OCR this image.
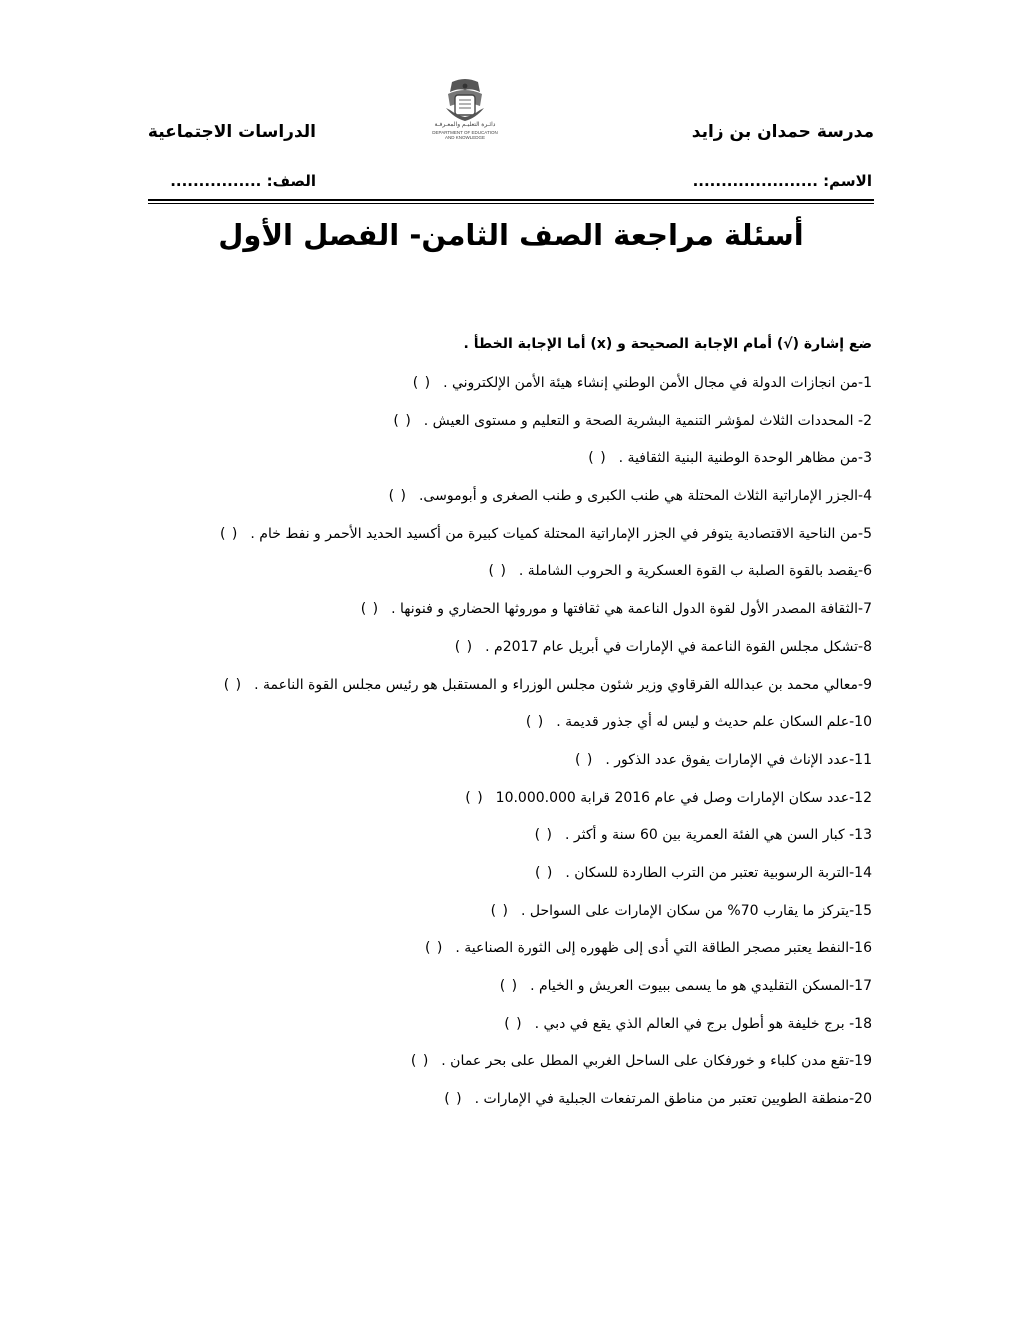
دائـرة التعليـم والمعـرفـة
DEPARTMENT OF EDUCATION
AND KNOWLEDGE	مدرسة حمدان بن زايد
الدراسات الاجتماعية
الاسم: ......................
الصف: ................
أسئلة مراجعة الصف الثامن- الفصل الأول
ضع إشارة (√) أمام الإجابة الصحيحة و (x) أما الإجابة الخطأ .
1-من انجازات الدولة في مجال الأمن الوطني إنشاء هيئة الأمن الإلكتروني .( )
2- المحددات الثلاث لمؤشر التنمية البشرية الصحة و التعليم و مستوى العيش .( )
3-من مظاهر الوحدة الوطنية البنية الثقافية .( )
4-الجزر الإماراتية الثلاث المحتلة هي طنب الكبرى و طنب الصغرى و أبوموسى.( )
5-من الناحية الاقتصادية يتوفر في الجزر الإماراتية المحتلة كميات كبيرة من أكسيد الحديد الأحمر و نفط خام .( )
6-يقصد بالقوة الصلبة ب القوة العسكرية و الحروب الشاملة .( )
7-الثقافة المصدر الأول لقوة الدول الناعمة هي ثقافتها و موروثها الحضاري و فنونها .( )
8-تشكل مجلس القوة الناعمة في الإمارات في أبريل عام 2017م .( )
9-معالي محمد بن عبدالله القرقاوي وزير شئون مجلس الوزراء و المستقبل هو رئيس مجلس القوة الناعمة .( )
10-علم السكان علم حديث و ليس له أي جذور قديمة .( )
11-عدد الإناث في الإمارات يفوق عدد الذكور .( )
12-عدد سكان الإمارات وصل في عام 2016 قرابة 10.000.000( )
13- كبار السن هي الفئة العمرية بين 60 سنة و أكثر .( )
14-التربة الرسوبية تعتبر من الترب الطاردة للسكان .( )
15-يتركز ما يقارب 70% من سكان الإمارات على السواحل .( )
16-النفط يعتبر مصجر الطاقة التي أدى إلى ظهوره إلى الثورة الصناعية .( )
17-المسكن التقليدي هو ما يسمى ببيوت العريش و الخيام .( )
18- برج خليفة هو أطول برج في العالم الذي يقع في دبي .( )
19-تقع مدن كلباء و خورفكان على الساحل الغربي المطل على بحر عمان .( )
20-منطقة الطويين تعتبر من مناطق المرتفعات الجبلية في الإمارات .( )
